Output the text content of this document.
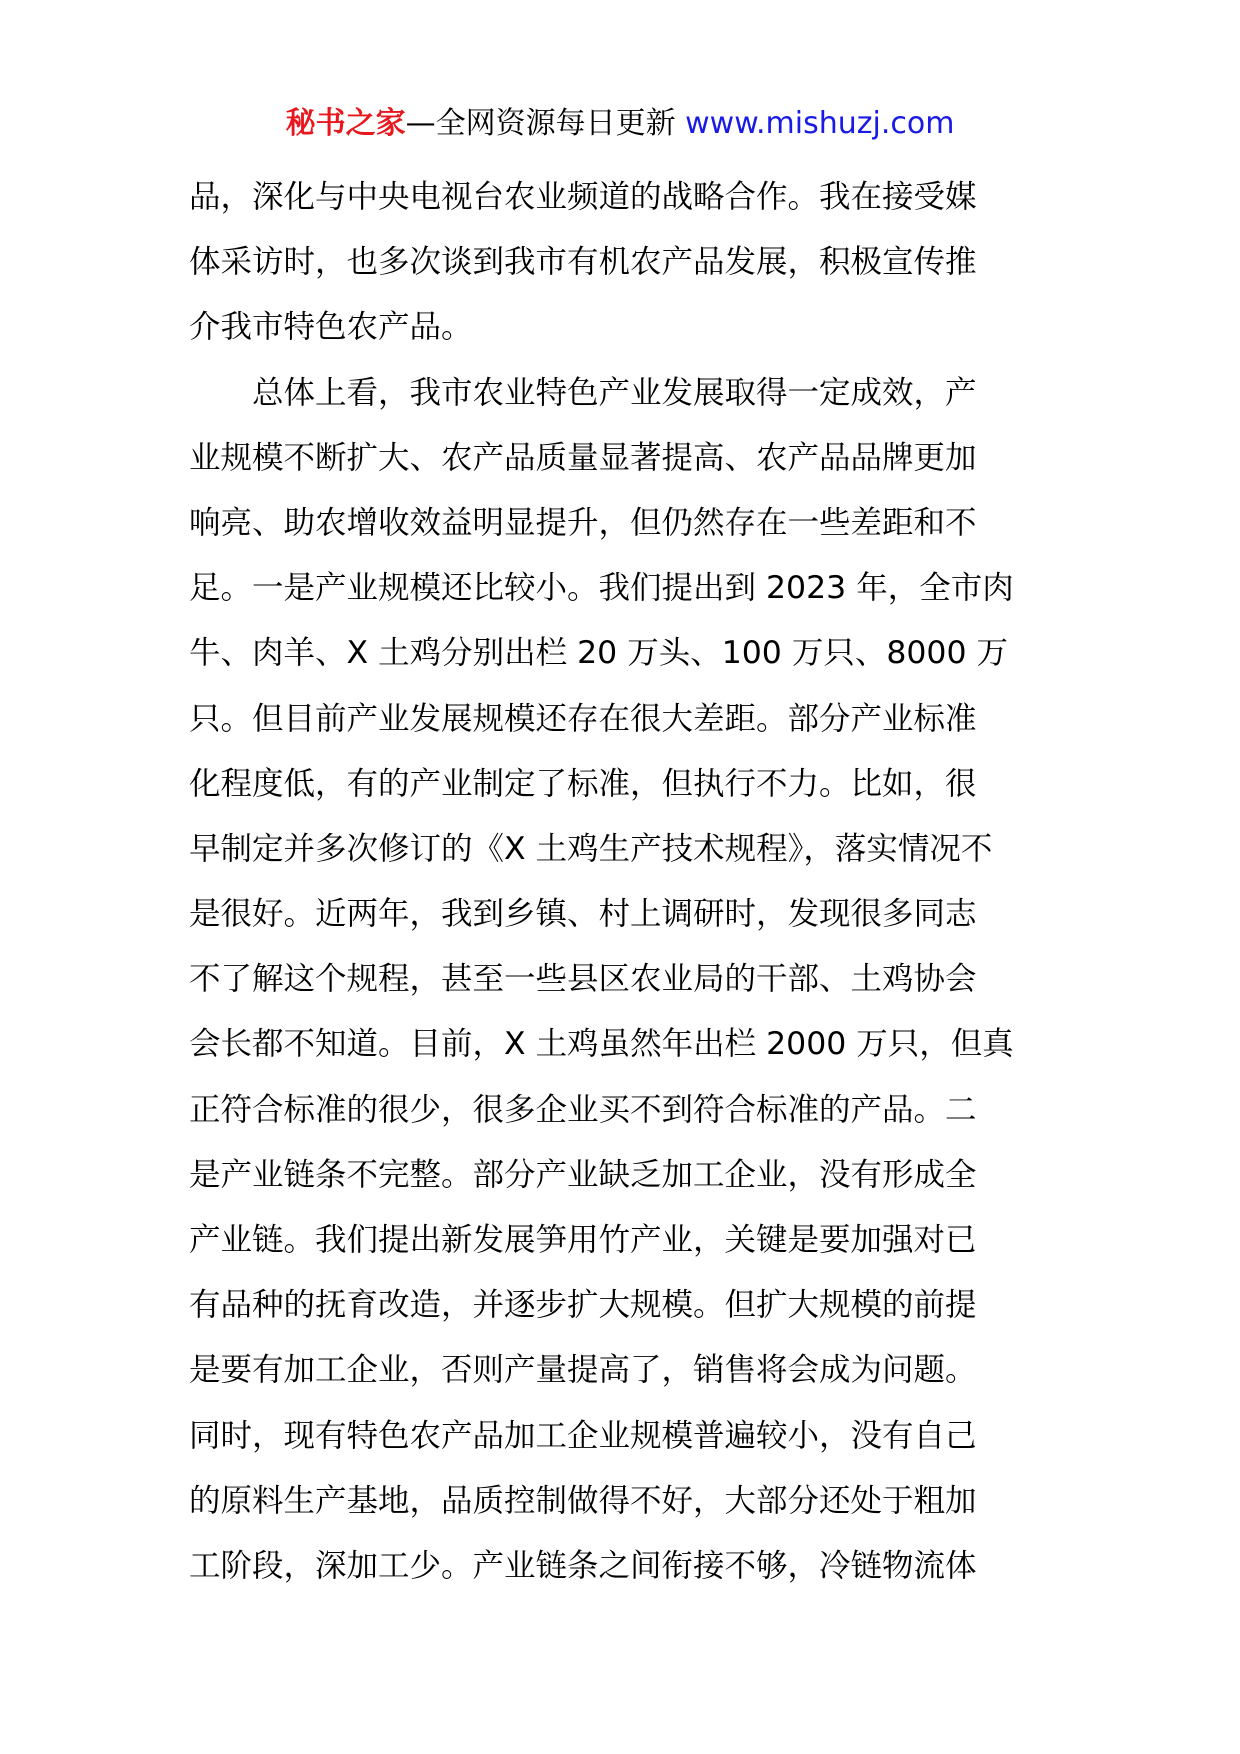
秘书之家—全网资源每日更新 www.mishuzj.com
品，深化与中央电视台农业频道的战略合作。我在接受媒
体采访时，也多次谈到我市有机农产品发展，积极宣传推
介我市特色农产品。
　　总体上看，我市农业特色产业发展取得一定成效，产
业规模不断扩大、农产品质量显著提高、农产品品牌更加
响亮、助农增收效益明显提升，但仍然存在一些差距和不
足。一是产业规模还比较小。我们提出到 2023 年，全市肉
牛、肉羊、X 土鸡分别出栏 20 万头、100 万只、8000 万
只。但目前产业发展规模还存在很大差距。部分产业标准
化程度低，有的产业制定了标准，但执行不力。比如，很
早制定并多次修订的《X 土鸡生产技术规程》，落实情况不
是很好。近两年，我到乡镇、村上调研时，发现很多同志
不了解这个规程，甚至一些县区农业局的干部、土鸡协会
会长都不知道。目前，X 土鸡虽然年出栏 2000 万只，但真
正符合标准的很少，很多企业买不到符合标准的产品。二
是产业链条不完整。部分产业缺乏加工企业，没有形成全
产业链。我们提出新发展笋用竹产业，关键是要加强对已
有品种的抚育改造，并逐步扩大规模。但扩大规模的前提
是要有加工企业，否则产量提高了，销售将会成为问题。
同时，现有特色农产品加工企业规模普遍较小，没有自己
的原料生产基地，品质控制做得不好，大部分还处于粗加
工阶段，深加工少。产业链条之间衔接不够，冷链物流体
